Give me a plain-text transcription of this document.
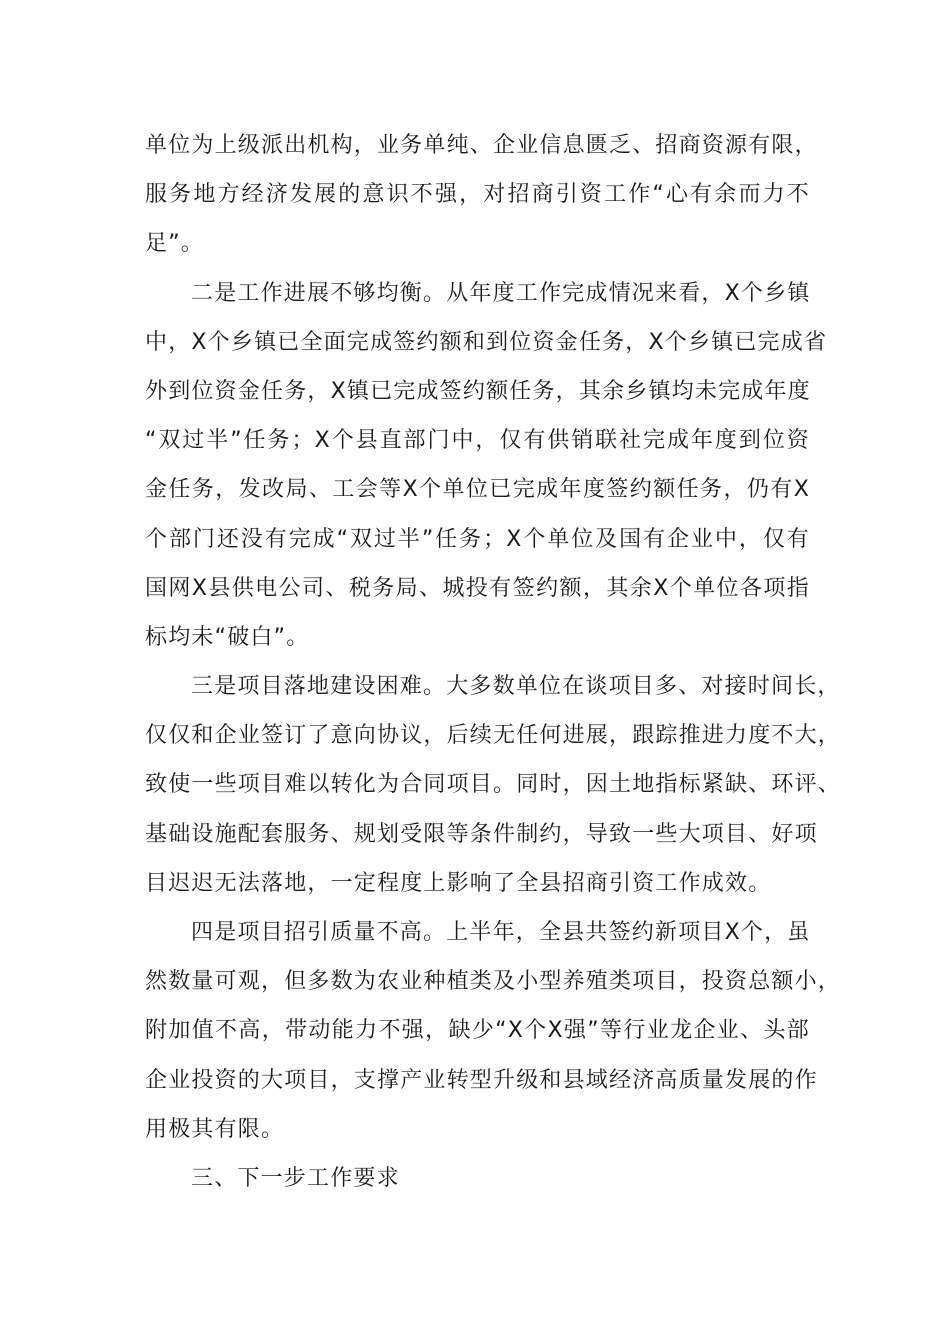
单位为上级派出机构，业务单纯、企业信息匮乏、招商资源有限，
服务地方经济发展的意识不强，对招商引资工作“心有余而力不
足”。
二是工作进展不够均衡。从年度工作完成情况来看，X个乡镇
中，X个乡镇已全面完成签约额和到位资金任务，X个乡镇已完成省
外到位资金任务，X镇已完成签约额任务，其余乡镇均未完成年度
“双过半”任务；X个县直部门中，仅有供销联社完成年度到位资
金任务，发改局、工会等X个单位已完成年度签约额任务，仍有X
个部门还没有完成“双过半”任务；X个单位及国有企业中，仅有
国网X县供电公司、税务局、城投有签约额，其余X个单位各项指
标均未“破白”。
三是项目落地建设困难。大多数单位在谈项目多、对接时间长，
仅仅和企业签订了意向协议，后续无任何进展，跟踪推进力度不大，
致使一些项目难以转化为合同项目。同时，因土地指标紧缺、环评、
基础设施配套服务、规划受限等条件制约，导致一些大项目、好项
目迟迟无法落地，一定程度上影响了全县招商引资工作成效。
四是项目招引质量不高。上半年，全县共签约新项目X个，虽
然数量可观，但多数为农业种植类及小型养殖类项目，投资总额小，
附加值不高，带动能力不强，缺少“X个X强”等行业龙企业、头部
企业投资的大项目，支撑产业转型升级和县域经济高质量发展的作
用极其有限。
三、下一步工作要求
